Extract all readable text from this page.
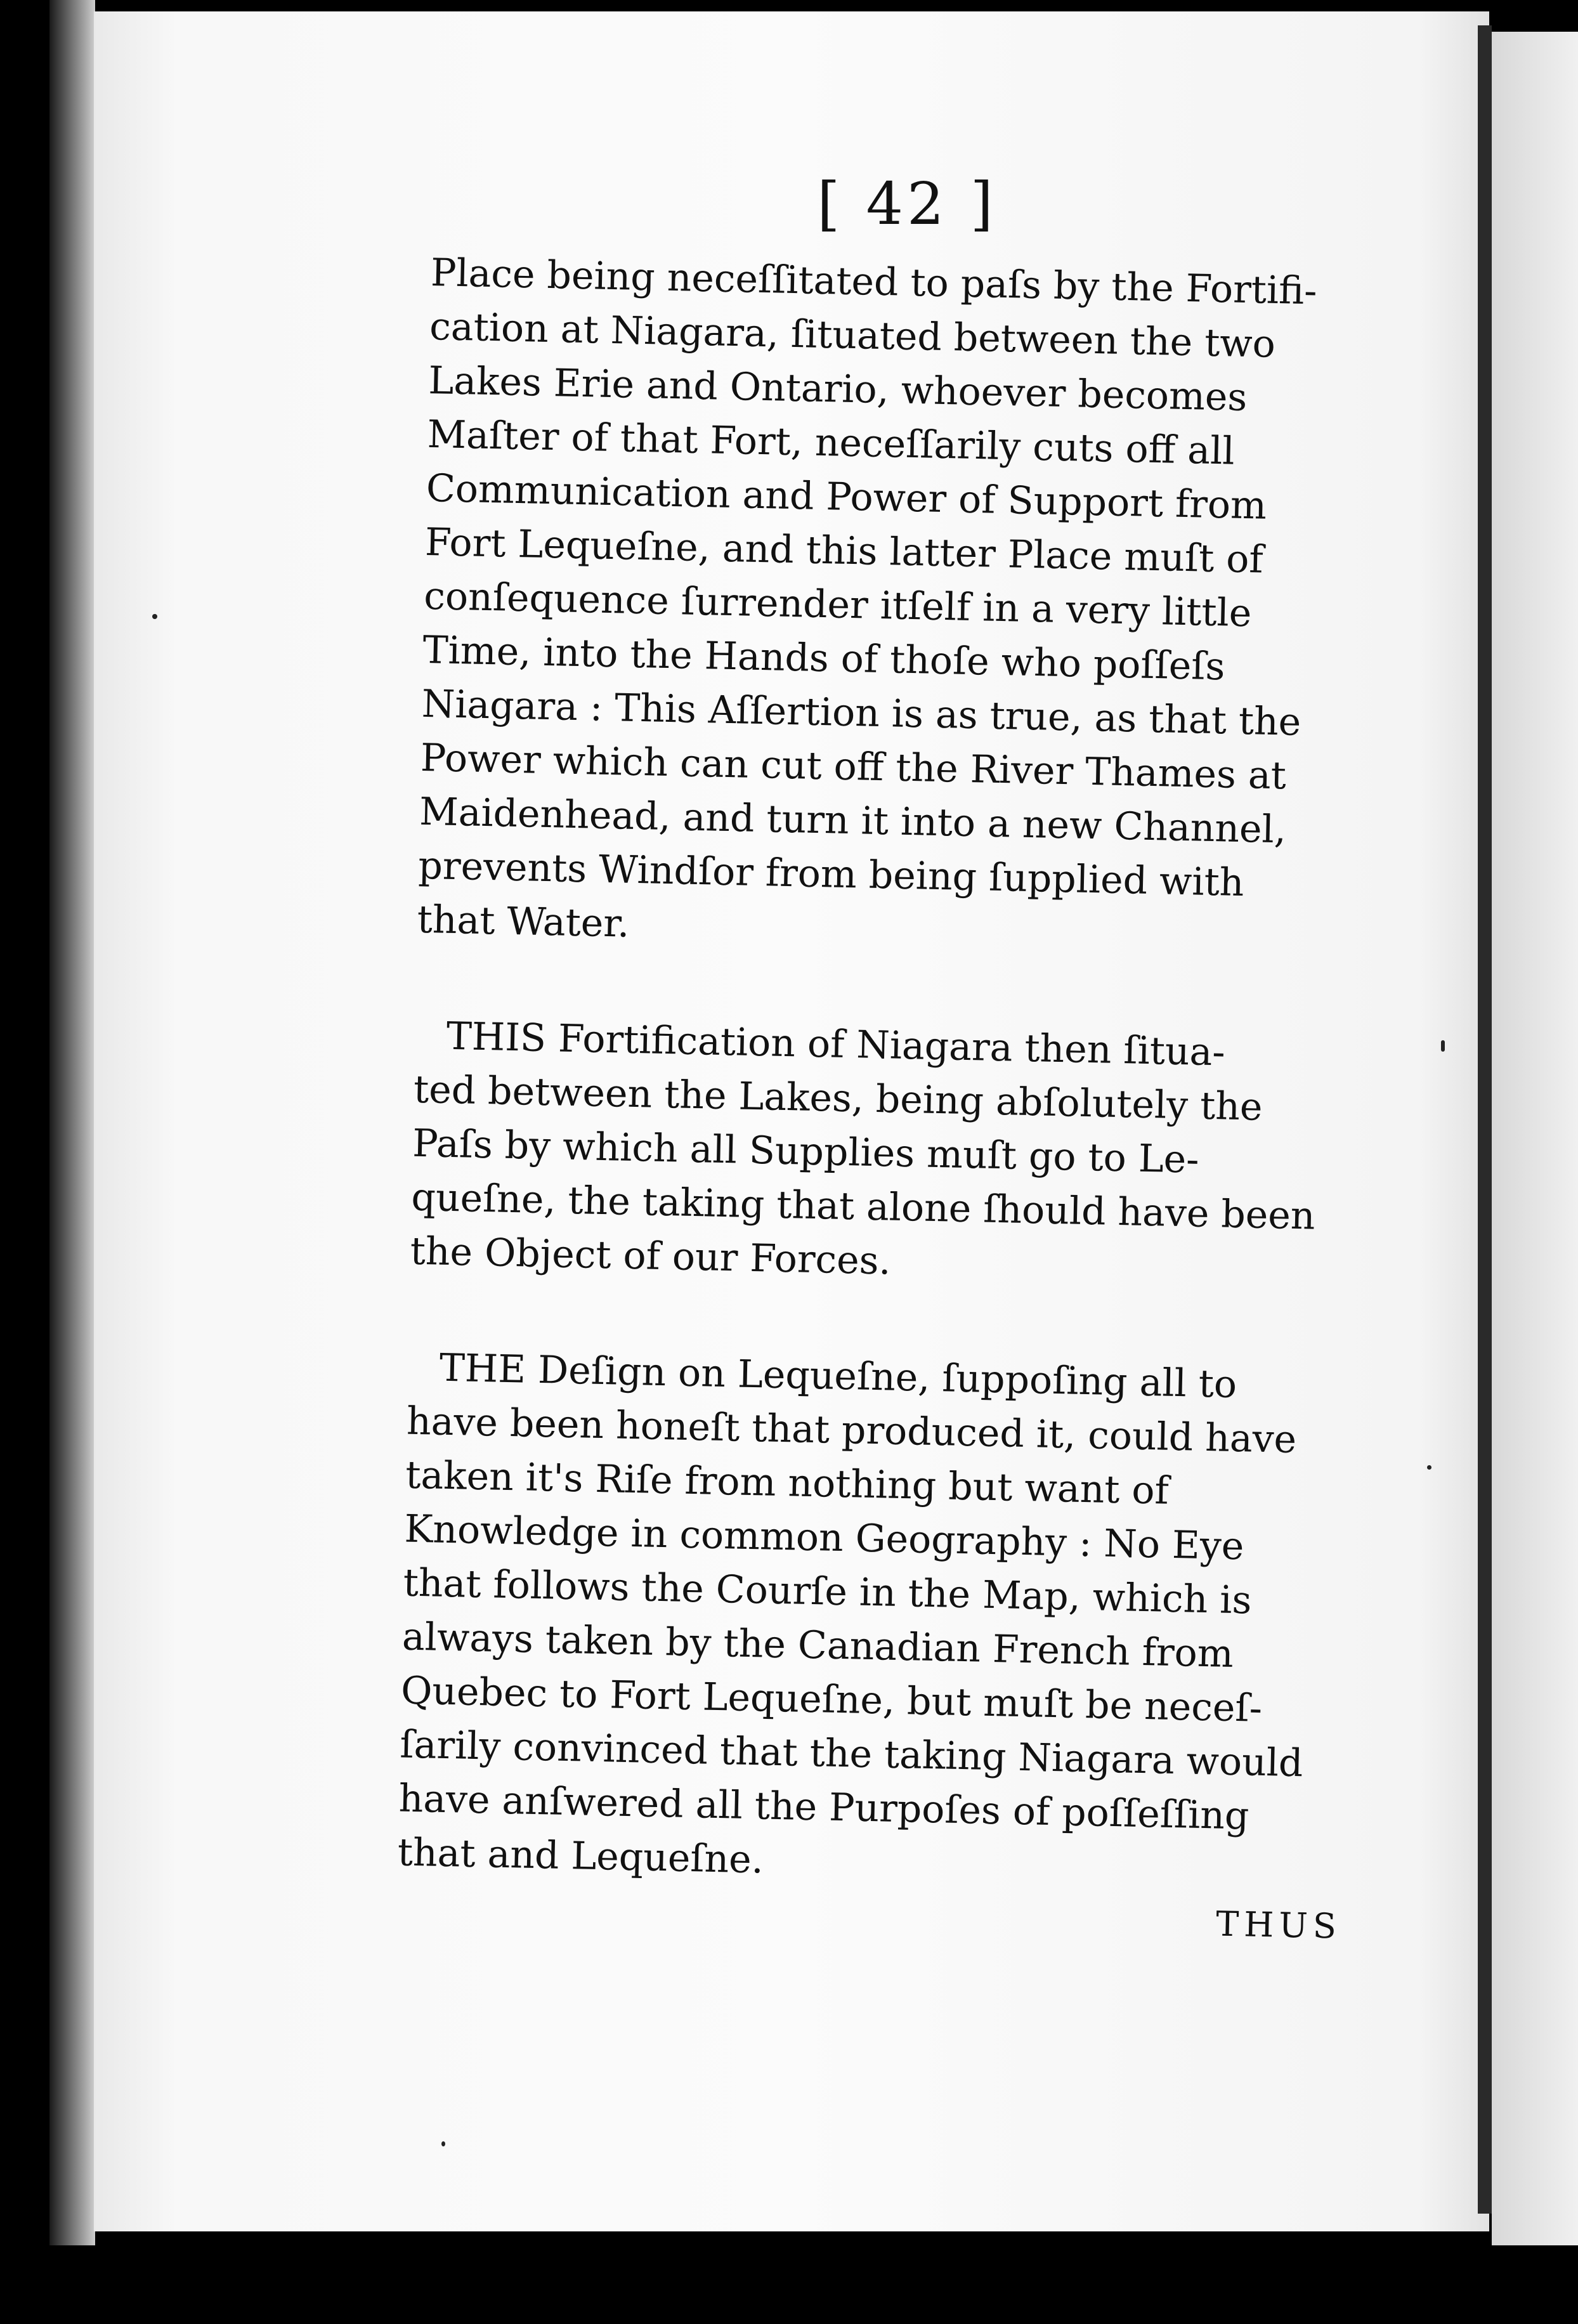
[ 42 ]
Place being neceſſitated to paſs by the Fortifi-
cation at Niagara, ſituated between the two
Lakes Erie and Ontario, whoever becomes
Maſter of that Fort, neceſſarily cuts off all
Communication and Power of Support from
Fort Lequeſne, and this latter Place muſt of
conſequence ſurrender itſelf in a very little
Time, into the Hands of thoſe who poſſeſs
Niagara : This Aſſertion is as true, as that the
Power which can cut off the River Thames at
Maidenhead, and turn it into a new Channel,
prevents Windſor from being ſupplied with
that Water.
THIS Fortification of Niagara then ſitua-
ted between the Lakes, being abſolutely the
Paſs by which all Supplies muſt go to Le-
queſne, the taking that alone ſhould have been
the Object of our Forces.
THE Deſign on Lequeſne, ſuppoſing all to
have been honeſt that produced it, could have
taken it's Riſe from nothing but want of
Knowledge in common Geography : No Eye
that follows the Courſe in the Map, which is
always taken by the Canadian French from
Quebec to Fort Lequeſne, but muſt be neceſ-
ſarily convinced that the taking Niagara would
have anſwered all the Purpoſes of poſſeſſing
that and Lequeſne.
THUS
